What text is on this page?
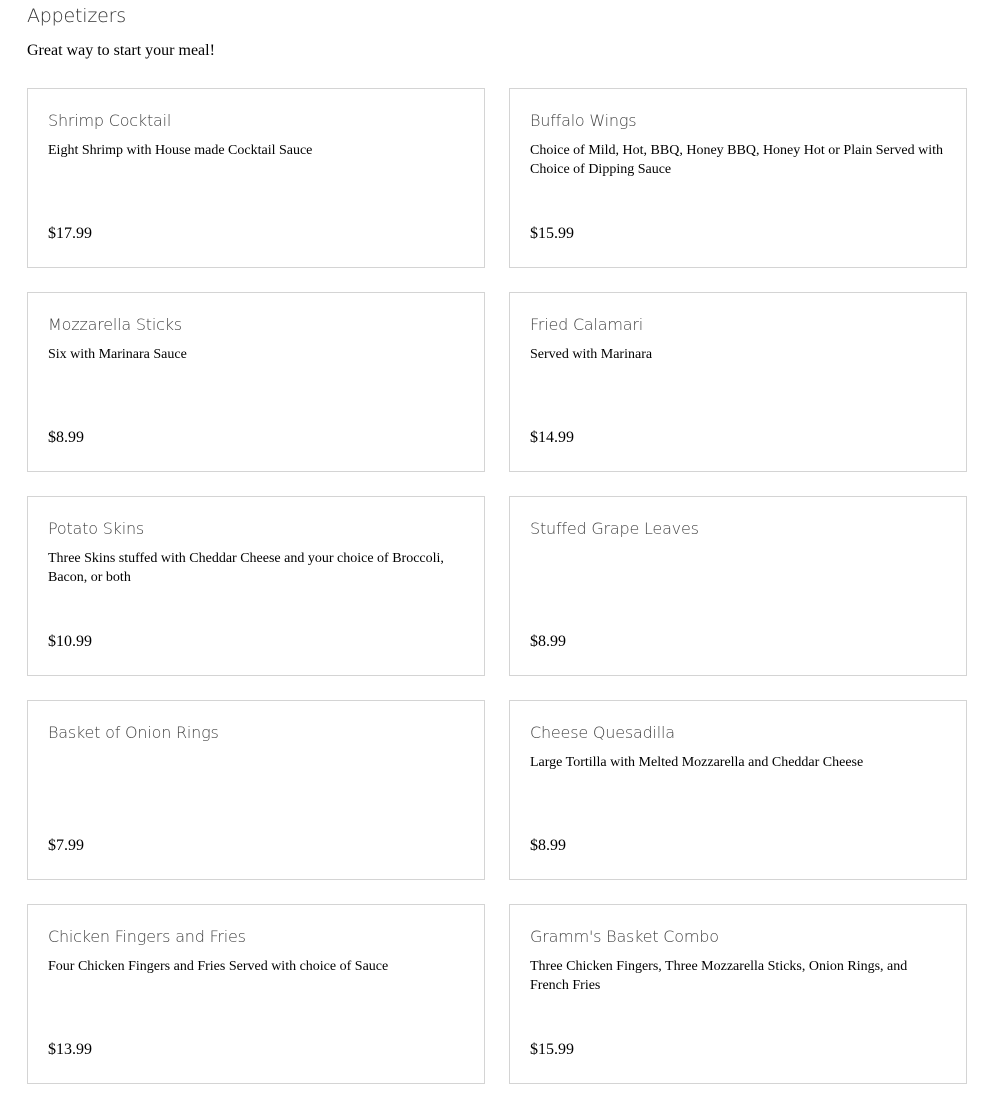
Appetizers

Great way to start your meal!

Shrimp Cocktail

Eight Shrimp with House made Cocktail Sauce

$17.99

Buffalo Wings

Choice of Mild, Hot, BBQ, Honey BBQ, Honey Hot or Plain Served with Choice of Dipping Sauce

$15.99

Mozzarella Sticks

Six with Marinara Sauce

$8.99

Fried Calamari

Served with Marinara

$14.99

Potato Skins

Three Skins stuffed with Cheddar Cheese and your choice of Broccoli, Bacon, or both

$10.99

Stuffed Grape Leaves

$8.99

Basket of Onion Rings

$7.99

Cheese Quesadilla

Large Tortilla with Melted Mozzarella and Cheddar Cheese

$8.99

Chicken Fingers and Fries

Four Chicken Fingers and Fries Served with choice of Sauce

$13.99

Gramm's Basket Combo

Three Chicken Fingers, Three Mozzarella Sticks, Onion Rings, and French Fries

$15.99
